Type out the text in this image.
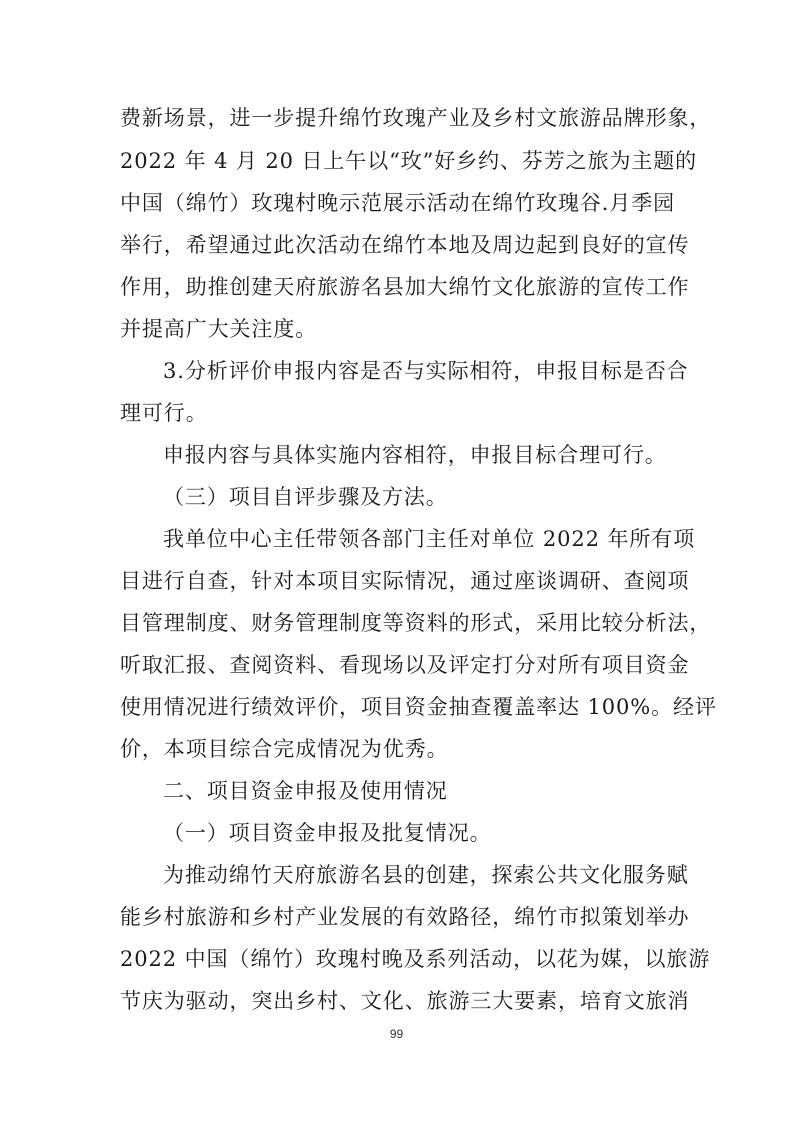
费新场景，进一步提升绵竹玫瑰产业及乡村文旅游品牌形象，
2022 年 4 月 20 日上午以“玫”好乡约、芬芳之旅为主题的
中国（绵竹）玫瑰村晚示范展示活动在绵竹玫瑰谷.月季园
举行，希望通过此次活动在绵竹本地及周边起到良好的宣传
作用，助推创建天府旅游名县加大绵竹文化旅游的宣传工作
并提高广大关注度。
3.分析评价申报内容是否与实际相符，申报目标是否合
理可行。
申报内容与具体实施内容相符，申报目标合理可行。
（三）项目自评步骤及方法。
我单位中心主任带领各部门主任对单位 2022 年所有项
目进行自查，针对本项目实际情况，通过座谈调研、查阅项
目管理制度、财务管理制度等资料的形式，采用比较分析法，
听取汇报、查阅资料、看现场以及评定打分对所有项目资金
使用情况进行绩效评价，项目资金抽查覆盖率达 100%。经评
价，本项目综合完成情况为优秀。
二、项目资金申报及使用情况
（一）项目资金申报及批复情况。
为推动绵竹天府旅游名县的创建，探索公共文化服务赋
能乡村旅游和乡村产业发展的有效路径，绵竹市拟策划举办
2022 中国（绵竹）玫瑰村晚及系列活动，以花为媒，以旅游
节庆为驱动，突出乡村、文化、旅游三大要素，培育文旅消
99
